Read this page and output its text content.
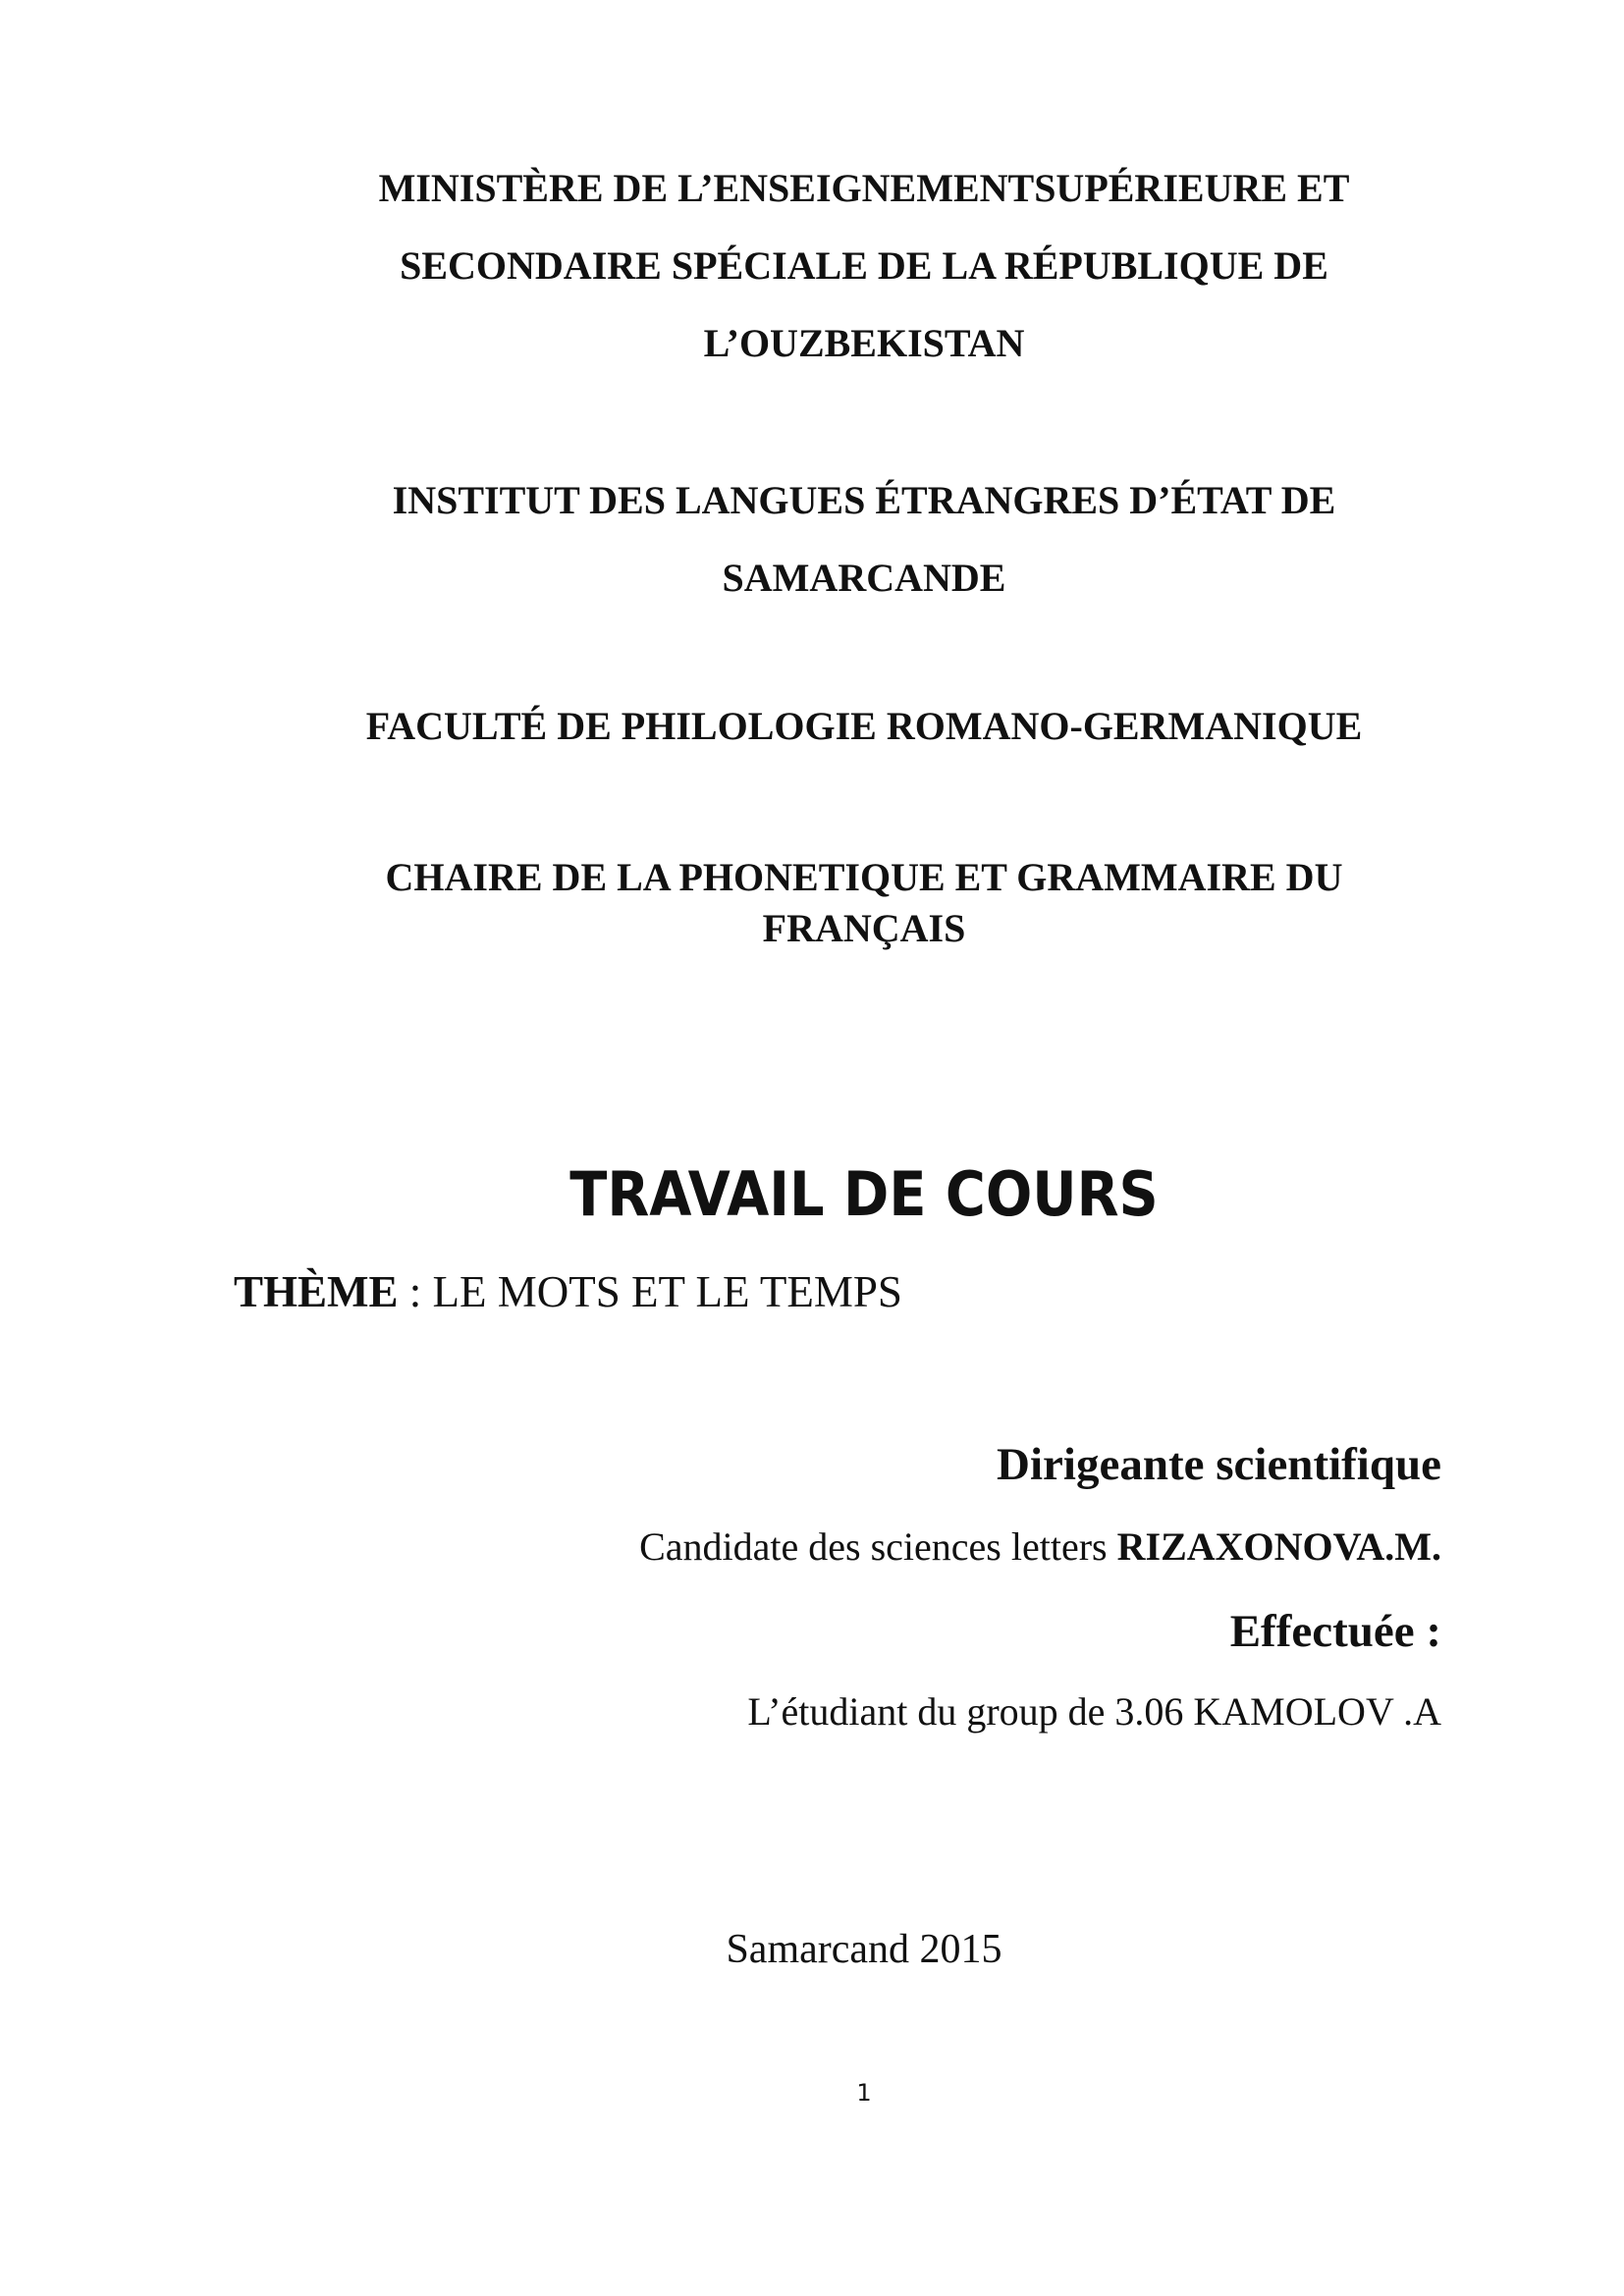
MINISTÈRE DE L’ENSEIGNEMENTSUPÉRIEURE ET
SECONDAIRE SPÉCIALE DE LA RÉPUBLIQUE DE
L’OUZBEKISTAN
INSTITUT DES LANGUES ÉTRANGRES D’ÉTAT DE
SAMARCANDE
FACULTÉ DE PHILOLOGIE ROMANO-GERMANIQUE
CHAIRE DE LA PHONETIQUE ET GRAMMAIRE DU
FRANÇAIS
TRAVAIL DE COURS
THÈME : LE MOTS ET LE TEMPS
Dirigeante scientifique
Candidate des sciences letters RIZAXONOVA.M.
Effectuée :
L’étudiant du group de 3.06 KAMOLOV .A
Samarcand 2015
1
